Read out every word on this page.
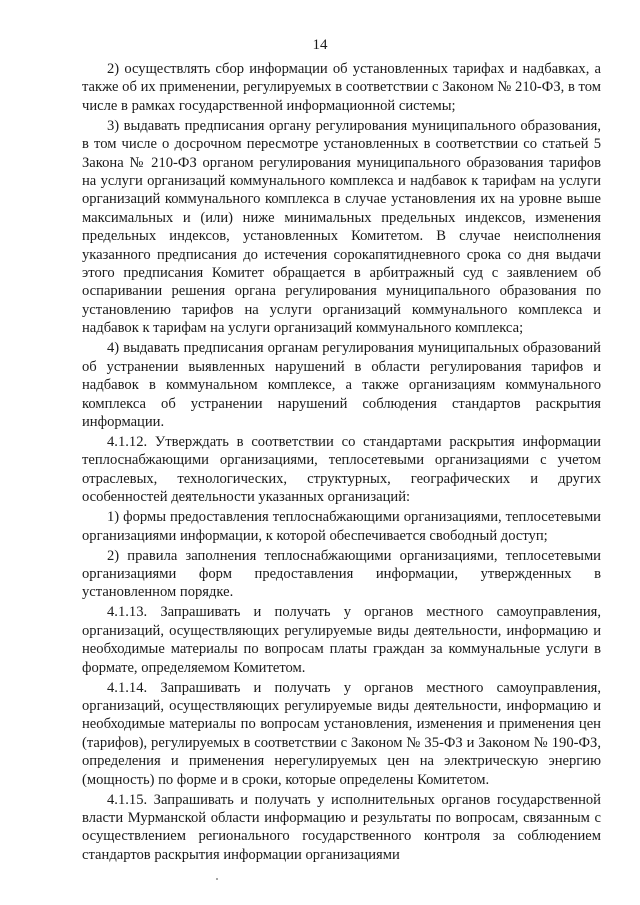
14

2) осуществлять сбор информации об установленных тарифах и надбавках, а также об их применении, регулируемых в соответствии с Законом № 210-ФЗ, в том числе в рамках государственной информационной системы;

3) выдавать предписания органу регулирования муниципального образования, в том числе о досрочном пересмотре установленных в соответствии со статьей 5 Закона № 210-ФЗ органом регулирования муниципального образования тарифов на услуги организаций коммунального комплекса и надбавок к тарифам на услуги организаций коммунального комплекса в случае установления их на уровне выше максимальных и (или) ниже минимальных предельных индексов, изменения предельных индексов, установленных Комитетом. В случае неисполнения указанного предписания до истечения сорокапятидневного срока со дня выдачи этого предписания Комитет обращается в арбитражный суд с заявлением об оспаривании решения органа регулирования муниципального образования по установлению тарифов на услуги организаций коммунального комплекса и надбавок к тарифам на услуги организаций коммунального комплекса;

4) выдавать предписания органам регулирования муниципальных образований об устранении выявленных нарушений в области регулирования тарифов и надбавок в коммунальном комплексе, а также организациям коммунального комплекса об устранении нарушений соблюдения стандартов раскрытия информации.

4.1.12. Утверждать в соответствии со стандартами раскрытия информации теплоснабжающими организациями, теплосетевыми организациями с учетом отраслевых, технологических, структурных, географических и других особенностей деятельности указанных организаций:

1) формы предоставления теплоснабжающими организациями, теплосетевыми организациями информации, к которой обеспечивается свободный доступ;

2) правила заполнения теплоснабжающими организациями, теплосетевыми организациями форм предоставления информации, утвержденных в установленном порядке.

4.1.13. Запрашивать и получать у органов местного самоуправления, организаций, осуществляющих регулируемые виды деятельности, информацию и необходимые материалы по вопросам платы граждан за коммунальные услуги в формате, определяемом Комитетом.

4.1.14. Запрашивать и получать у органов местного самоуправления, организаций, осуществляющих регулируемые виды деятельности, информацию и необходимые материалы по вопросам установления, изменения и применения цен (тарифов), регулируемых в соответствии с Законом № 35-ФЗ и Законом № 190-ФЗ, определения и применения нерегулируемых цен на электрическую энергию (мощность) по форме и в сроки, которые определены Комитетом.

4.1.15. Запрашивать и получать у исполнительных органов государственной власти Мурманской области информацию и результаты по вопросам, связанным с осуществлением регионального государственного контроля за соблюдением стандартов раскрытия информации организациями
